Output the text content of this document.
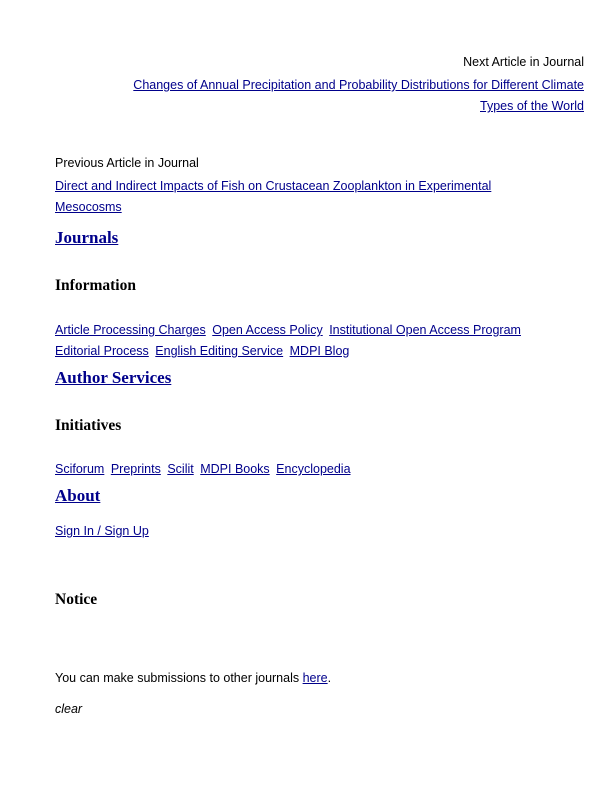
Next Article in Journal
Changes of Annual Precipitation and Probability Distributions for Different Climate
Types of the World
Previous Article in Journal
Direct and Indirect Impacts of Fish on Crustacean Zooplankton in Experimental
Mesocosms
Journals
Information
Article Processing Charges Open Access Policy Institutional Open Access Program
Editorial Process English Editing Service MDPI Blog
Author Services
Initiatives
Sciforum Preprints Scilit MDPI Books Encyclopedia
About
Sign In / Sign Up
Notice
You can make submissions to other journals here.
clear
